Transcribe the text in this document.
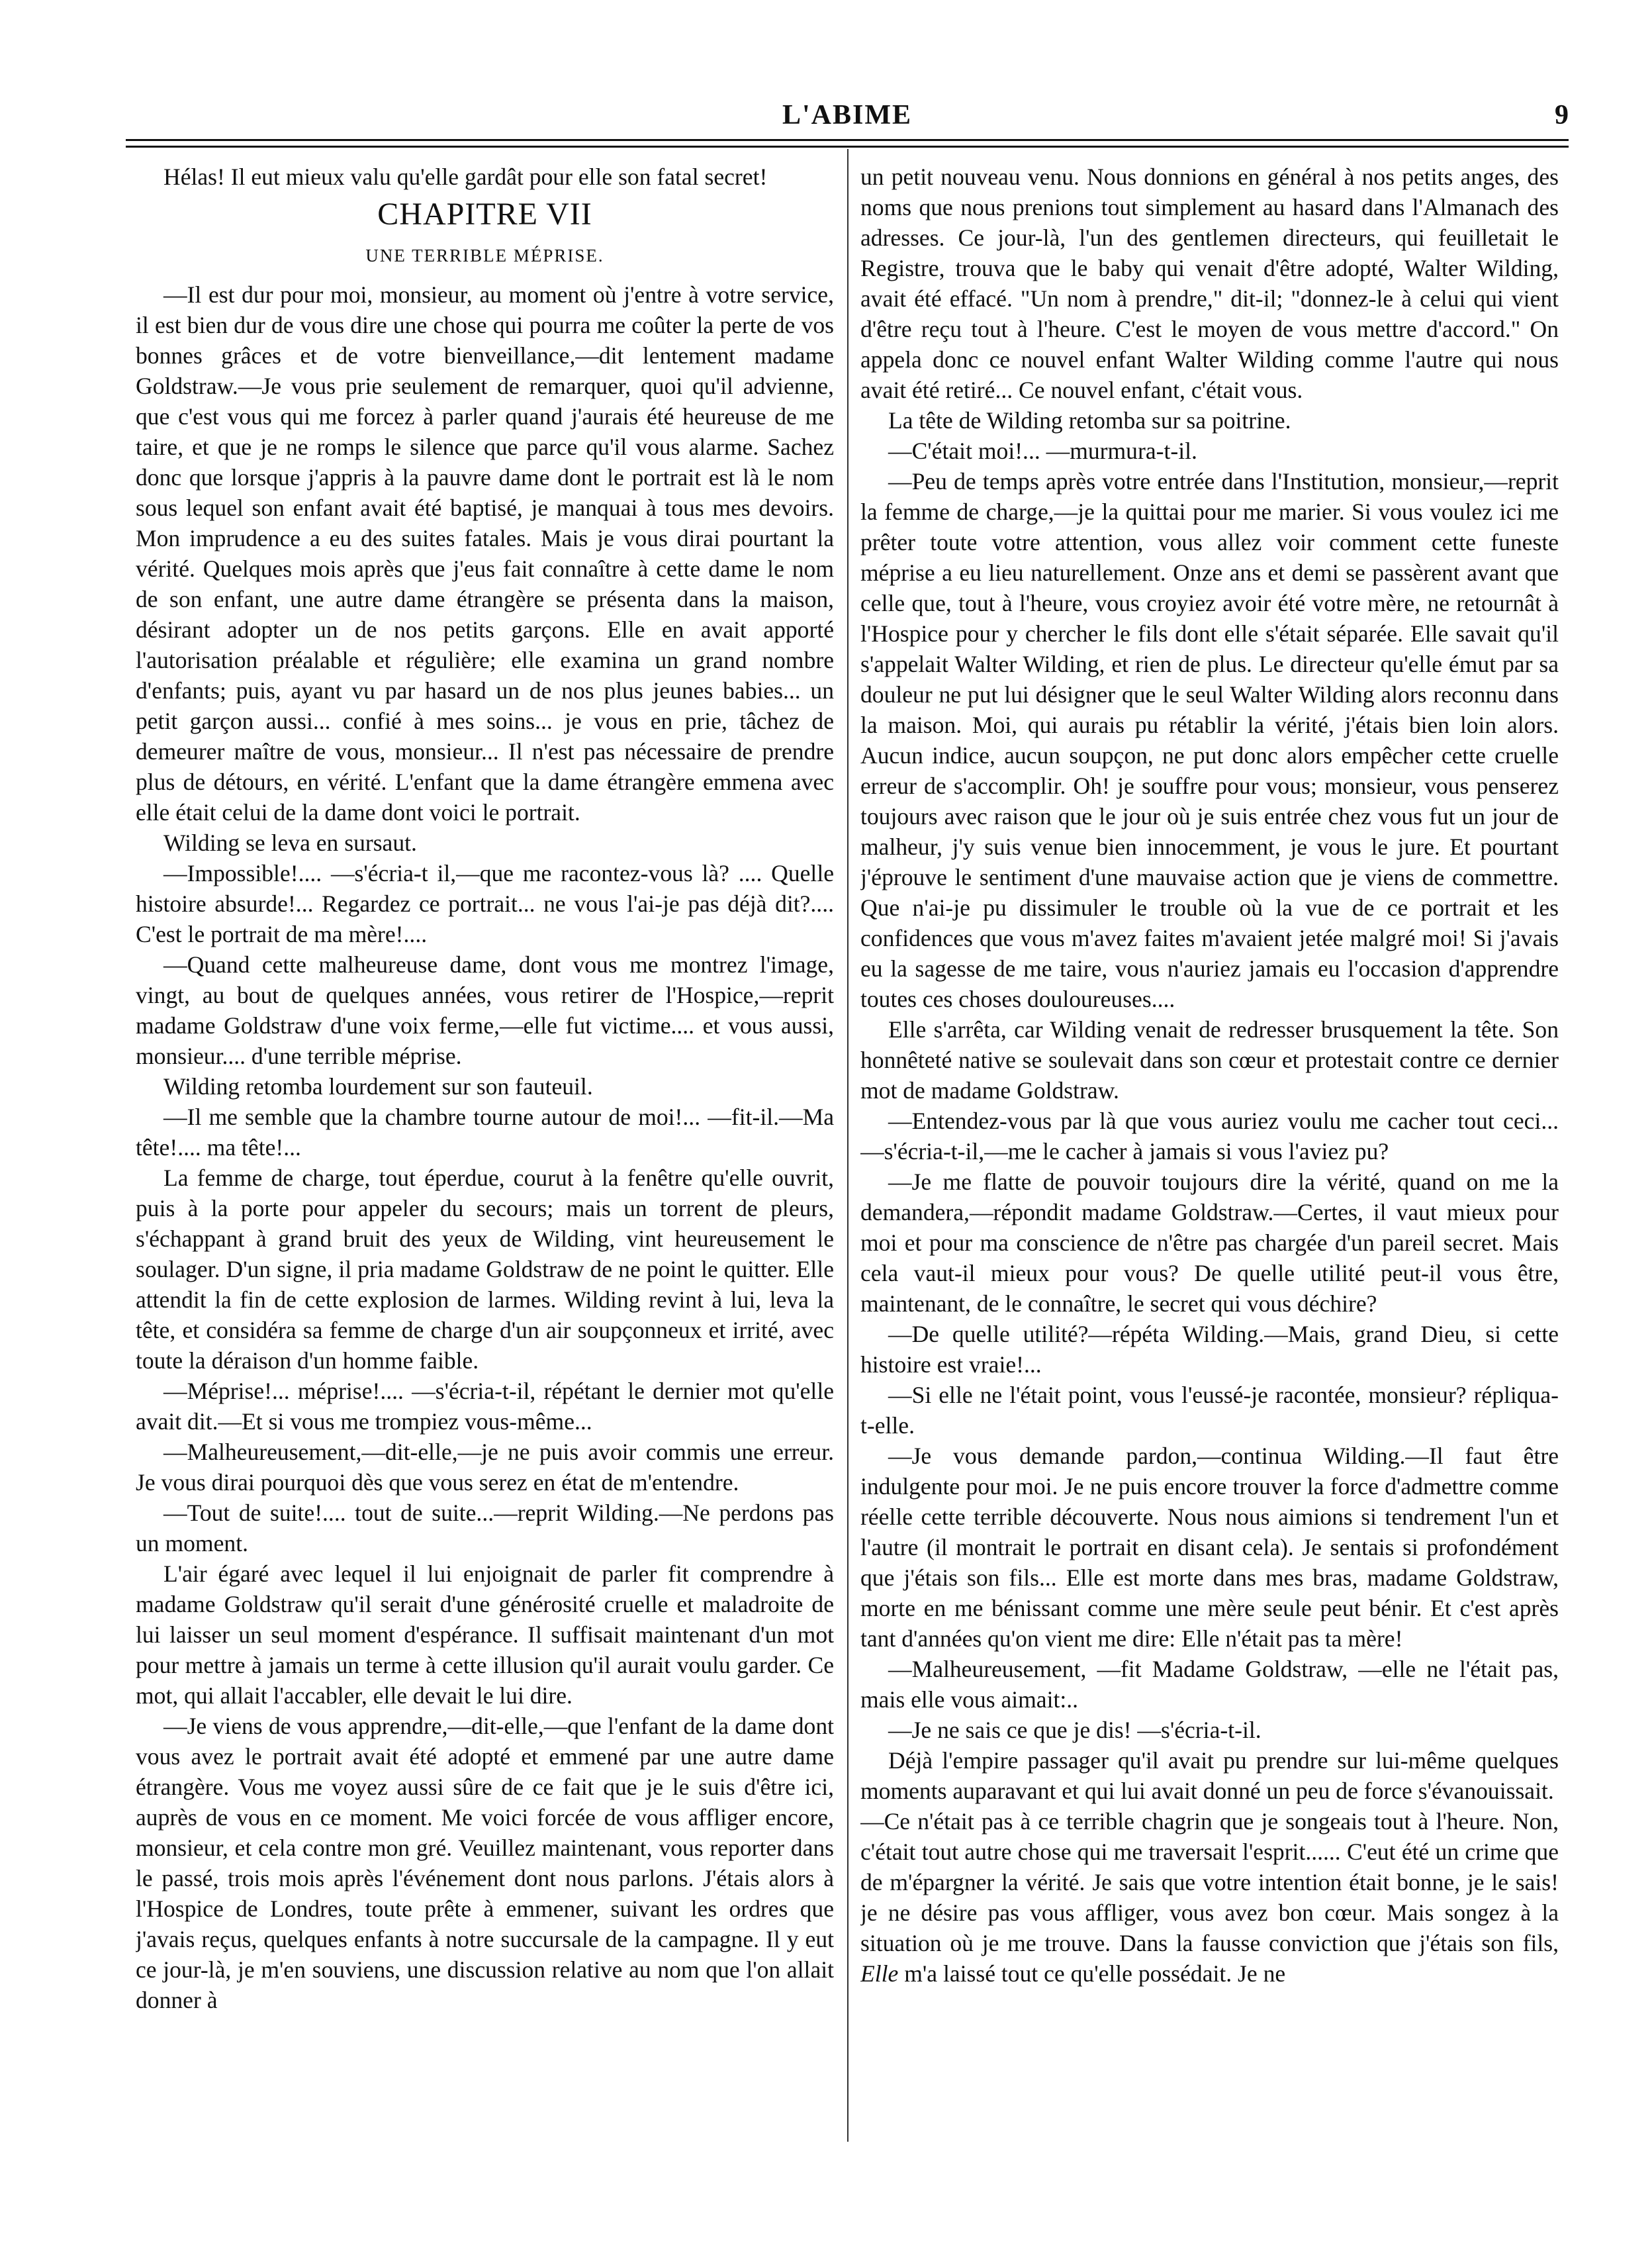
L'ABIME	9

Hélas! Il eut mieux valu qu'elle gardât pour elle son fatal secret!

CHAPITRE VII
UNE TERRIBLE MÉPRISE.

—Il est dur pour moi, monsieur, au moment où j'entre à votre service, il est bien dur de vous dire une chose qui pourra me coûter la perte de vos bonnes grâces et de votre bienveillance,—dit lentement madame Goldstraw.—Je vous prie seulement de remarquer, quoi qu'il advienne, que c'est vous qui me forcez à parler quand j'aurais été heureuse de me taire, et que je ne romps le silence que parce qu'il vous alarme. Sachez donc que lorsque j'appris à la pauvre dame dont le portrait est là le nom sous lequel son enfant avait été baptisé, je manquai à tous mes devoirs. Mon imprudence a eu des suites fatales. Mais je vous dirai pourtant la vérité. Quelques mois après que j'eus fait connaître à cette dame le nom de son enfant, une autre dame étrangère se présenta dans la maison, désirant adopter un de nos petits garçons. Elle en avait apporté l'autorisation préalable et régulière; elle examina un grand nombre d'enfants; puis, ayant vu par hasard un de nos plus jeunes babies... un petit garçon aussi... confié à mes soins... je vous en prie, tâchez de demeurer maître de vous, monsieur... Il n'est pas nécessaire de prendre plus de détours, en vérité. L'enfant que la dame étrangère emmena avec elle était celui de la dame dont voici le portrait.

Wilding se leva en sursaut.

—Impossible!.... —s'écria-t il,—que me racontez-vous là? .... Quelle histoire absurde!... Regardez ce portrait... ne vous l'ai-je pas déjà dit?.... C'est le portrait de ma mère!....

—Quand cette malheureuse dame, dont vous me montrez l'image, vingt, au bout de quelques années, vous retirer de l'Hospice,—reprit madame Goldstraw d'une voix ferme,—elle fut victime.... et vous aussi, monsieur.... d'une terrible méprise.

Wilding retomba lourdement sur son fauteuil.

—Il me semble que la chambre tourne autour de moi!... —fit-il.—Ma tête!.... ma tête!...

La femme de charge, tout éperdue, courut à la fenêtre qu'elle ouvrit, puis à la porte pour appeler du secours; mais un torrent de pleurs, s'échappant à grand bruit des yeux de Wilding, vint heureusement le soulager. D'un signe, il pria madame Goldstraw de ne point le quitter. Elle attendit la fin de cette explosion de larmes. Wilding revint à lui, leva la tête, et considéra sa femme de charge d'un air soupçonneux et irrité, avec toute la déraison d'un homme faible.

—Méprise!... méprise!.... —s'écria-t-il, répétant le dernier mot qu'elle avait dit.—Et si vous me trompiez vous-même...

—Malheureusement,—dit-elle,—je ne puis avoir commis une erreur. Je vous dirai pourquoi dès que vous serez en état de m'entendre.

—Tout de suite!.... tout de suite...—reprit Wilding.—Ne perdons pas un moment.

L'air égaré avec lequel il lui enjoignait de parler fit comprendre à madame Goldstraw qu'il serait d'une générosité cruelle et maladroite de lui laisser un seul moment d'espérance. Il suffisait maintenant d'un mot pour mettre à jamais un terme à cette illusion qu'il aurait voulu garder. Ce mot, qui allait l'accabler, elle devait le lui dire.

—Je viens de vous apprendre,—dit-elle,—que l'enfant de la dame dont vous avez le portrait avait été adopté et emmené par une autre dame étrangère. Vous me voyez aussi sûre de ce fait que je le suis d'être ici, auprès de vous en ce moment. Me voici forcée de vous affliger encore, monsieur, et cela contre mon gré. Veuillez maintenant, vous reporter dans le passé, trois mois après l'événement dont nous parlons. J'étais alors à l'Hospice de Londres, toute prête à emmener, suivant les ordres que j'avais reçus, quelques enfants à notre succursale de la campagne. Il y eut ce jour-là, je m'en souviens, une discussion relative au nom que l'on allait donner à

un petit nouveau venu. Nous donnions en général à nos petits anges, des noms que nous prenions tout simplement au hasard dans l'Almanach des adresses. Ce jour-là, l'un des gentlemen directeurs, qui feuilletait le Registre, trouva que le baby qui venait d'être adopté, Walter Wilding, avait été effacé. "Un nom à prendre," dit-il; "donnez-le à celui qui vient d'être reçu tout à l'heure. C'est le moyen de vous mettre d'accord." On appela donc ce nouvel enfant Walter Wilding comme l'autre qui nous avait été retiré... Ce nouvel enfant, c'était vous.

La tête de Wilding retomba sur sa poitrine.

—C'était moi!... —murmura-t-il.

—Peu de temps après votre entrée dans l'Institution, monsieur,—reprit la femme de charge,—je la quittai pour me marier. Si vous voulez ici me prêter toute votre attention, vous allez voir comment cette funeste méprise a eu lieu naturellement. Onze ans et demi se passèrent avant que celle que, tout à l'heure, vous croyiez avoir été votre mère, ne retournât à l'Hospice pour y chercher le fils dont elle s'était séparée. Elle savait qu'il s'appelait Walter Wilding, et rien de plus. Le directeur qu'elle émut par sa douleur ne put lui désigner que le seul Walter Wilding alors reconnu dans la maison. Moi, qui aurais pu rétablir la vérité, j'étais bien loin alors. Aucun indice, aucun soupçon, ne put donc alors empêcher cette cruelle erreur de s'accomplir. Oh! je souffre pour vous; monsieur, vous penserez toujours avec raison que le jour où je suis entrée chez vous fut un jour de malheur, j'y suis venue bien innocemment, je vous le jure. Et pourtant j'éprouve le sentiment d'une mauvaise action que je viens de commettre. Que n'ai-je pu dissimuler le trouble où la vue de ce portrait et les confidences que vous m'avez faites m'avaient jetée malgré moi! Si j'avais eu la sagesse de me taire, vous n'auriez jamais eu l'occasion d'apprendre toutes ces choses douloureuses....

Elle s'arrêta, car Wilding venait de redresser brusquement la tête. Son honnêteté native se soulevait dans son cœur et protestait contre ce dernier mot de madame Goldstraw.

—Entendez-vous par là que vous auriez voulu me cacher tout ceci... —s'écria-t-il,—me le cacher à jamais si vous l'aviez pu?

—Je me flatte de pouvoir toujours dire la vérité, quand on me la demandera,—répondit madame Goldstraw.—Certes, il vaut mieux pour moi et pour ma conscience de n'être pas chargée d'un pareil secret. Mais cela vaut-il mieux pour vous? De quelle utilité peut-il vous être, maintenant, de le connaître, le secret qui vous déchire?

—De quelle utilité?—répéta Wilding.—Mais, grand Dieu, si cette histoire est vraie!...

—Si elle ne l'était point, vous l'eussé-je racontée, monsieur? répliqua-t-elle.

—Je vous demande pardon,—continua Wilding.—Il faut être indulgente pour moi. Je ne puis encore trouver la force d'admettre comme réelle cette terrible découverte. Nous nous aimions si tendrement l'un et l'autre (il montrait le portrait en disant cela). Je sentais si profondément que j'étais son fils... Elle est morte dans mes bras, madame Goldstraw, morte en me bénissant comme une mère seule peut bénir. Et c'est après tant d'années qu'on vient me dire: Elle n'était pas ta mère!

—Malheureusement, —fit Madame Goldstraw, —elle ne l'était pas, mais elle vous aimait:..

—Je ne sais ce que je dis! —s'écria-t-il.

Déjà l'empire passager qu'il avait pu prendre sur lui-même quelques moments auparavant et qui lui avait donné un peu de force s'évanouissait.

—Ce n'était pas à ce terrible chagrin que je songeais tout à l'heure. Non, c'était tout autre chose qui me traversait l'esprit...... C'eut été un crime que de m'épargner la vérité. Je sais que votre intention était bonne, je le sais! je ne désire pas vous affliger, vous avez bon cœur. Mais songez à la situation où je me trouve. Dans la fausse conviction que j'étais son fils, Elle m'a laissé tout ce qu'elle possédait. Je ne
